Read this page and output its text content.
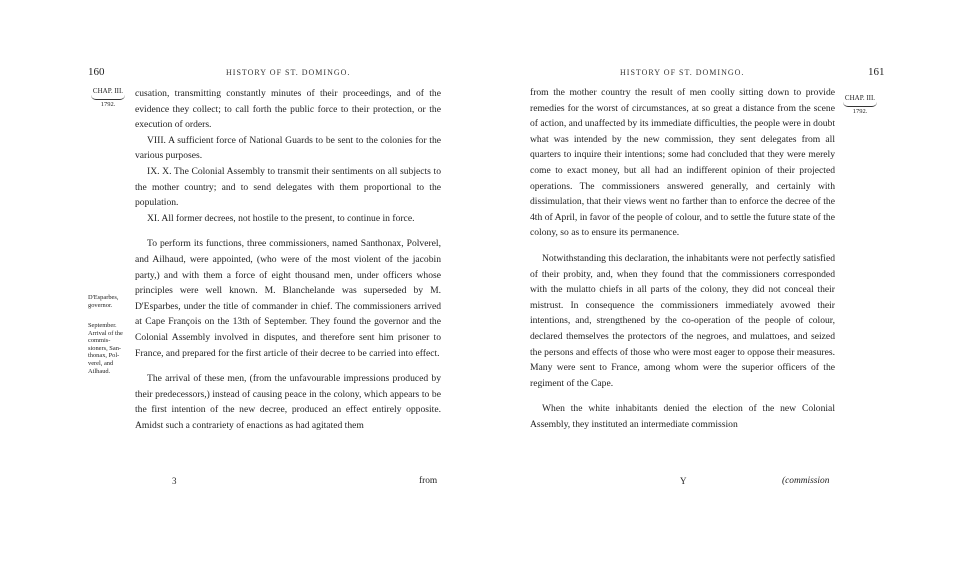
160	HISTORY OF ST. DOMINGO.
CHAP. III.
1792.
D'Esparbes, governor.
September. Arrival of the commis-sioners, San-thonax, Pol-verel, and Ailhaud.

cusation, transmitting constantly minutes of their proceedings, and of the evidence they collect; to call forth the public force to their protection, or the execution of orders.

VIII. A sufficient force of National Guards to be sent to the colonies for the various purposes.

IX. X. The Colonial Assembly to transmit their sentiments on all subjects to the mother country; and to send delegates with them proportional to the population.

XI. All former decrees, not hostile to the present, to continue in force.

To perform its functions, three commissioners, named Santhonax, Polverel, and Ailhaud, were appointed, (who were of the most violent of the jacobin party,) and with them a force of eight thousand men, under officers whose principles were well known. M. Blanchelande was superseded by M. D'Esparbes, under the title of commander in chief. The commissioners arrived at Cape François on the 13th of September. They found the governor and the Colonial Assembly involved in disputes, and therefore sent him prisoner to France, and prepared for the first article of their decree to be carried into effect.

The arrival of these men, (from the unfavourable impressions produced by their predecessors,) instead of causing peace in the colony, which appears to be the first intention of the new decree, produced an effect entirely opposite. Amidst such a contrariety of enactions as had agitated them

3	from
HISTORY OF ST. DOMINGO.	161
CHAP. III.
1792.

from the mother country the result of men coolly sitting down to provide remedies for the worst of circumstances, at so great a distance from the scene of action, and unaffected by its immediate difficulties, the people were in doubt what was intended by the new commission, they sent delegates from all quarters to inquire their intentions; some had concluded that they were merely come to exact money, but all had an indifferent opinion of their projected operations. The commissioners answered generally, and certainly with dissimulation, that their views went no farther than to enforce the decree of the 4th of April, in favor of the people of colour, and to settle the future state of the colony, so as to ensure its permanence.

Notwithstanding this declaration, the inhabitants were not perfectly satisfied of their probity, and, when they found that the commissioners corresponded with the mulatto chiefs in all parts of the colony, they did not conceal their mistrust. In consequence the commissioners immediately avowed their intentions, and, strengthened by the co-operation of the people of colour, declared themselves the protectors of the negroes, and mulattoes, and seized the persons and effects of those who were most eager to oppose their measures. Many were sent to France, among whom were the superior officers of the regiment of the Cape.

When the white inhabitants denied the election of the new Colonial Assembly, they instituted an intermediate commission

Y	(commission
